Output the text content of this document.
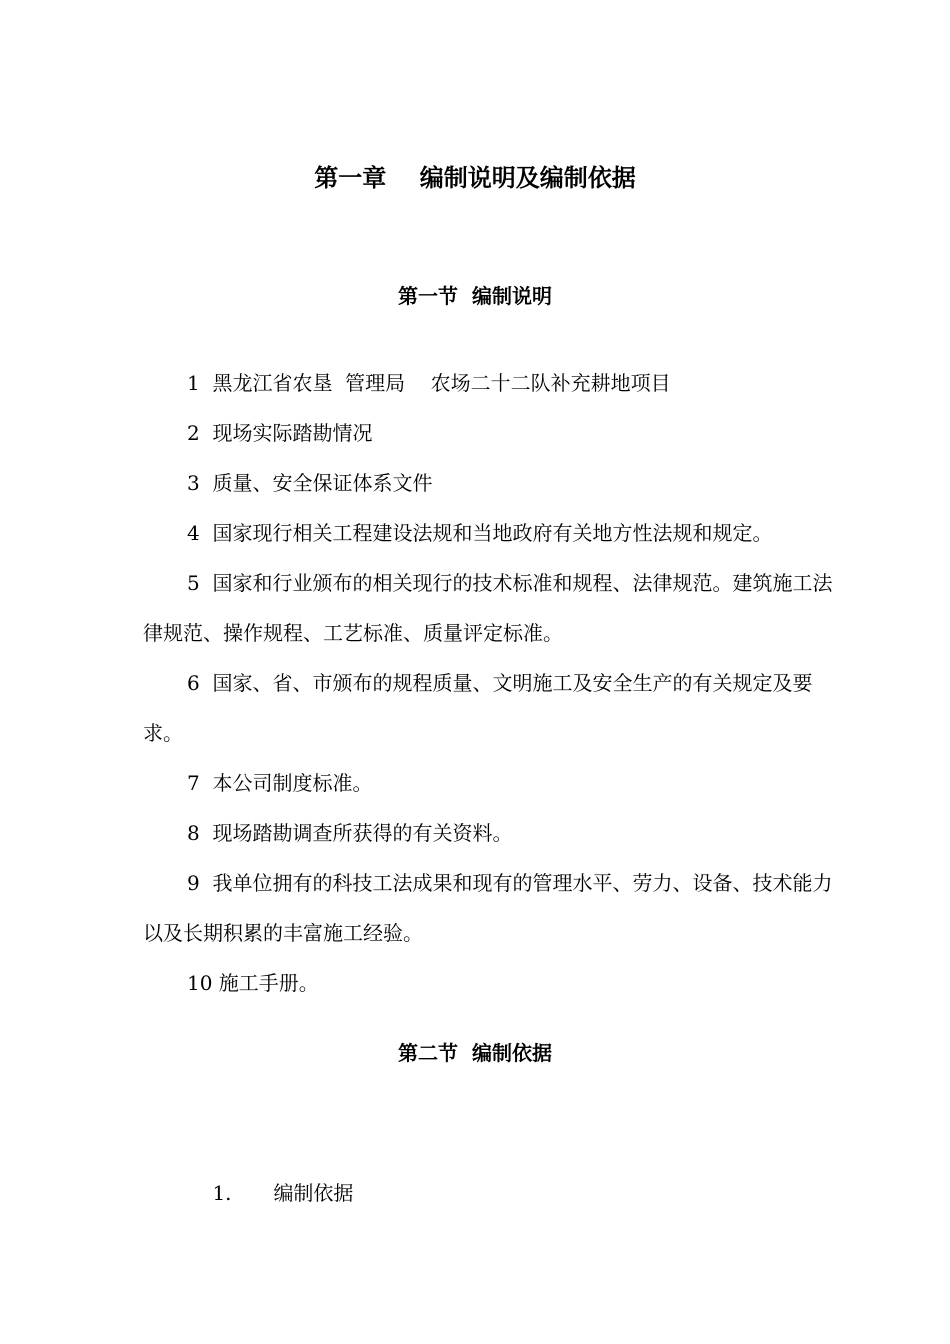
第一章    编制说明及编制依据
第一节  编制说明

1  黑龙江省农垦  管理局    农场二十二队补充耕地项目

2  现场实际踏勘情况

3  质量、安全保证体系文件

4  国家现行相关工程建设法规和当地政府有关地方性法规和规定。

5  国家和行业颁布的相关现行的技术标准和规程、法律规范。建筑施工法律规范、操作规程、工艺标准、质量评定标准。

6  国家、省、市颁布的规程质量、文明施工及安全生产的有关规定及要求。

7  本公司制度标准。

8  现场踏勘调查所获得的有关资料。

9  我单位拥有的科技工法成果和现有的管理水平、劳力、设备、技术能力以及长期积累的丰富施工经验。

10 施工手册。

第二节  编制依据

1. 编制依据
